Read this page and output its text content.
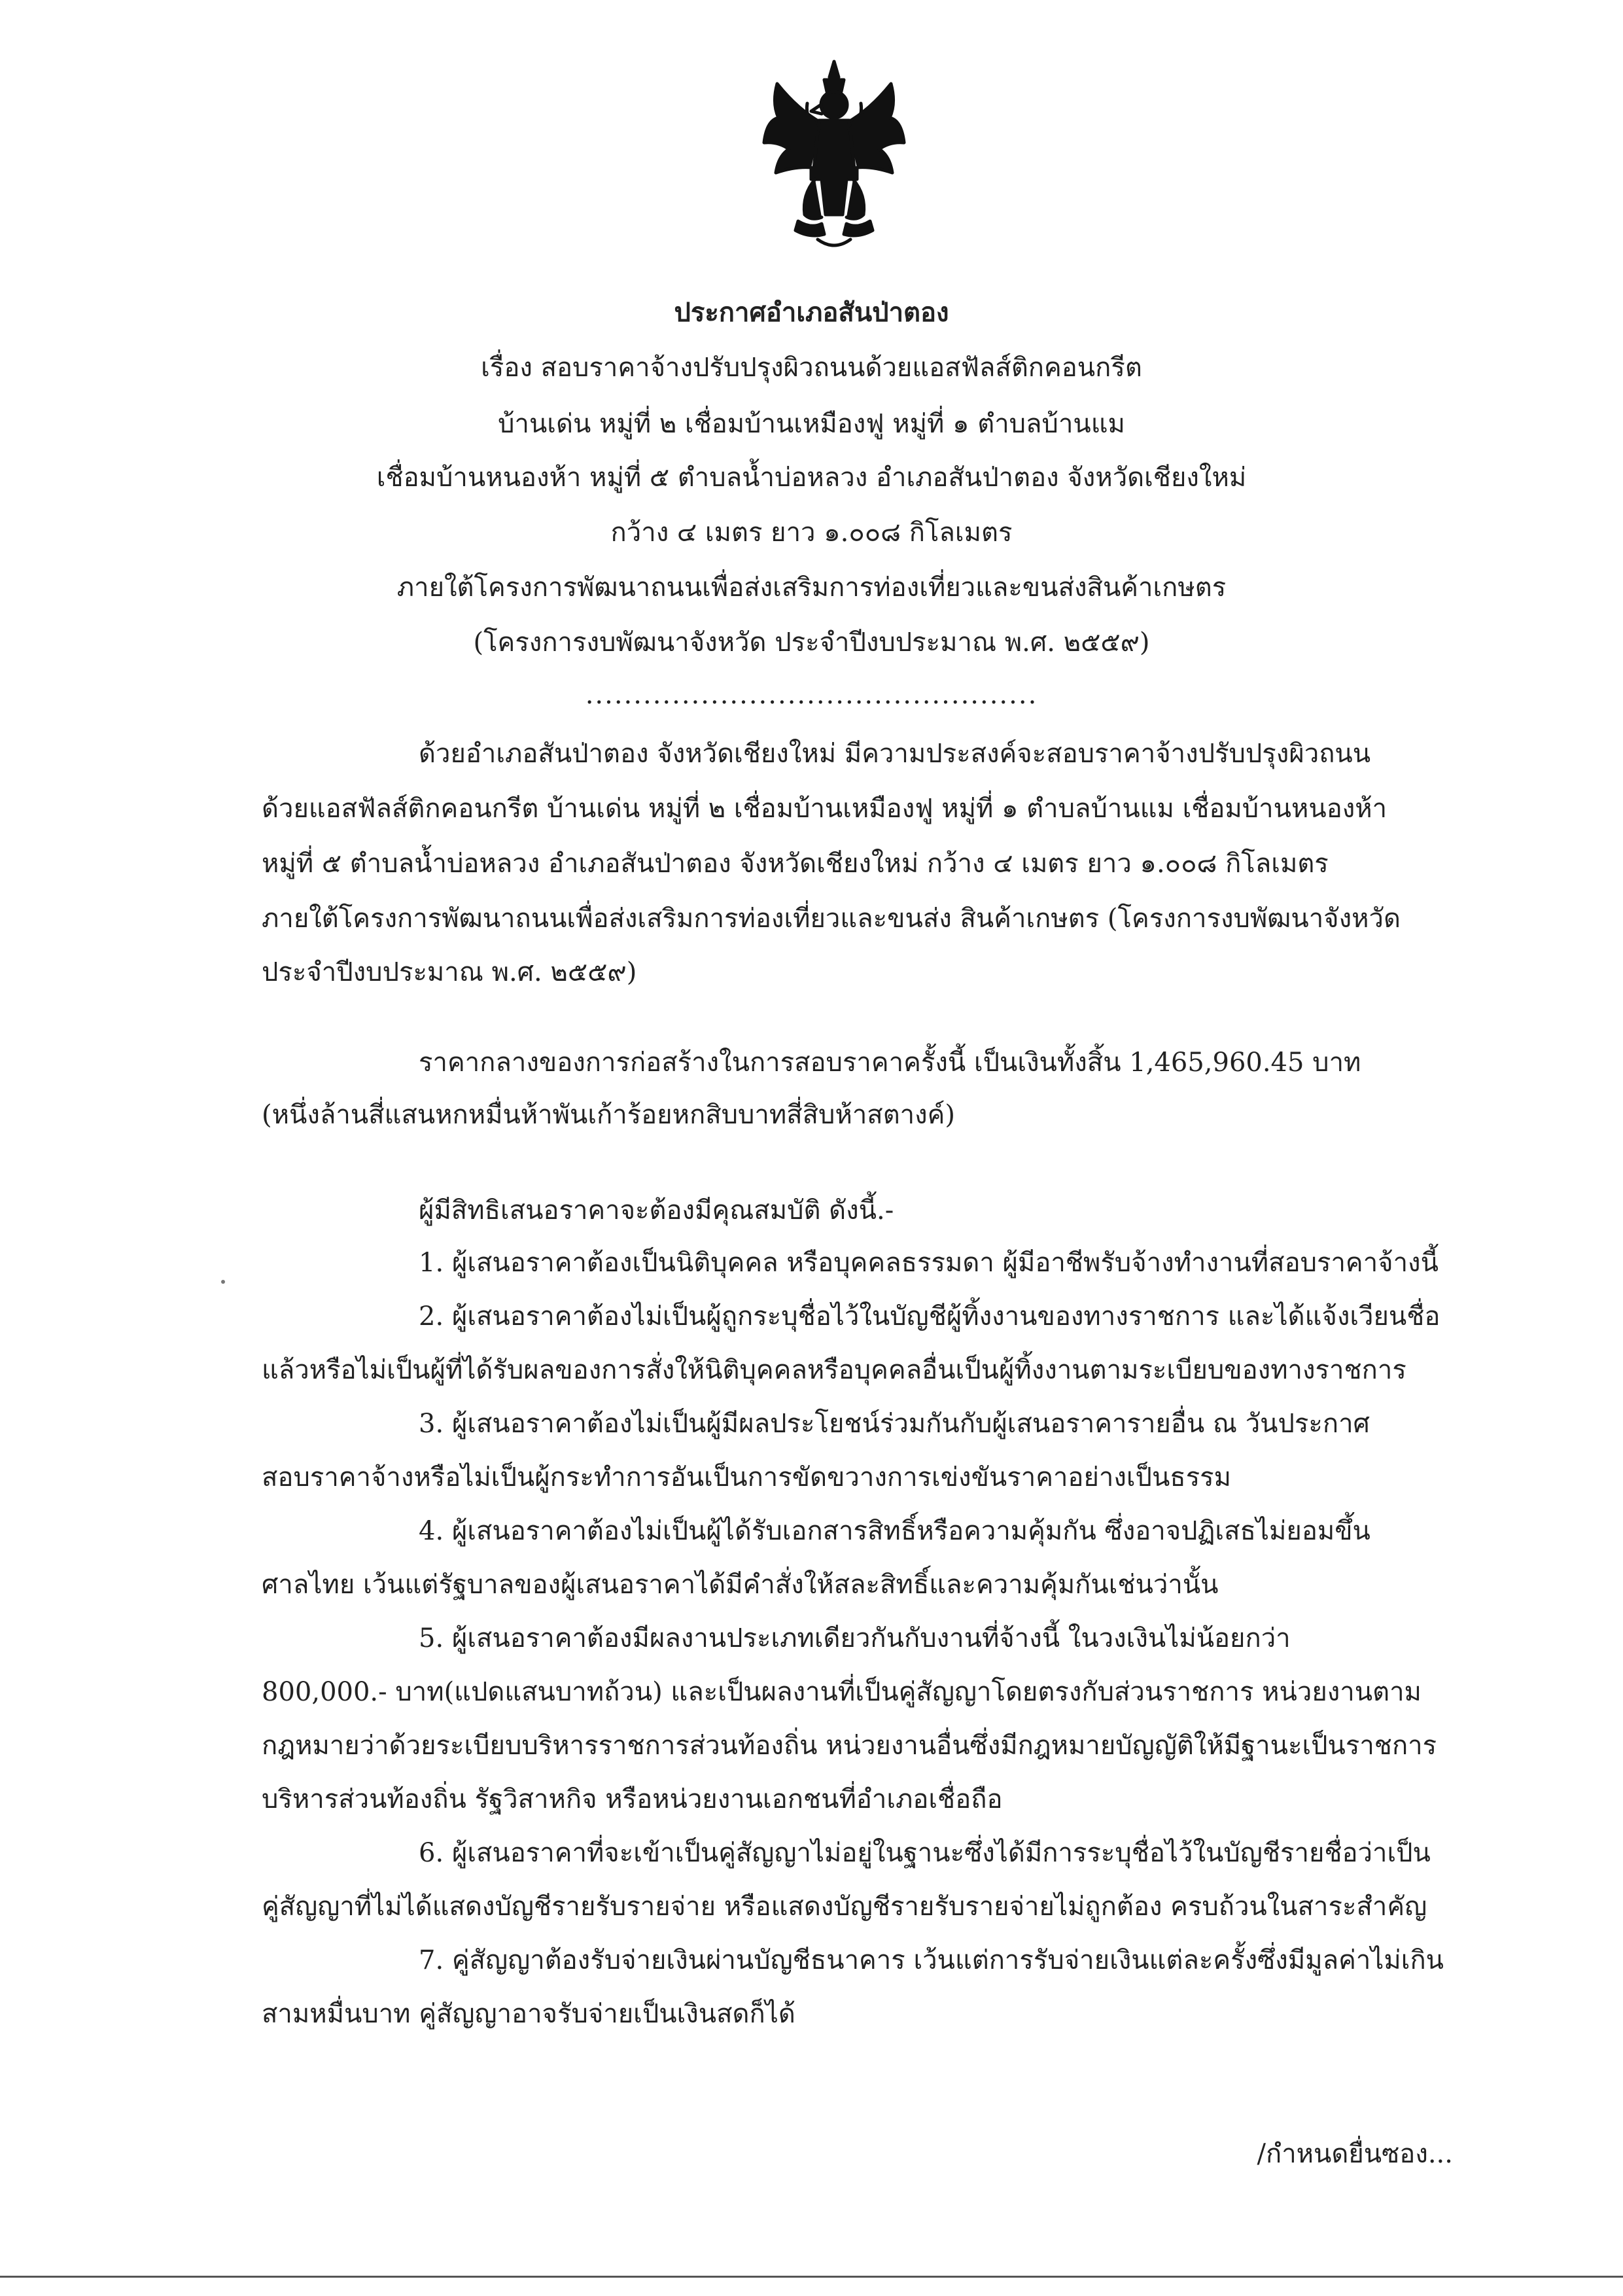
ประกาศอำเภอสันป่าตอง
เรื่อง สอบราคาจ้างปรับปรุงผิวถนนด้วยแอสฟัลส์ติกคอนกรีต
บ้านเด่น หมู่ที่ ๒ เชื่อมบ้านเหมืองฟู หมู่ที่ ๑ ตำบลบ้านแม
เชื่อมบ้านหนองห้า หมู่ที่ ๕ ตำบลน้ำบ่อหลวง อำเภอสันป่าตอง จังหวัดเชียงใหม่
กว้าง ๔ เมตร ยาว ๑.๐๐๘ กิโลเมตร
ภายใต้โครงการพัฒนาถนนเพื่อส่งเสริมการท่องเที่ยวและขนส่งสินค้าเกษตร
(โครงการงบพัฒนาจังหวัด ประจำปีงบประมาณ พ.ศ. ๒๕๕๙)
...............................................
ด้วยอำเภอสันป่าตอง จังหวัดเชียงใหม่ มีความประสงค์จะสอบราคาจ้างปรับปรุงผิวถนน
ด้วยแอสฟัลส์ติกคอนกรีต บ้านเด่น หมู่ที่ ๒ เชื่อมบ้านเหมืองฟู หมู่ที่ ๑ ตำบลบ้านแม เชื่อมบ้านหนองห้า
หมู่ที่ ๕ ตำบลน้ำบ่อหลวง อำเภอสันป่าตอง จังหวัดเชียงใหม่ กว้าง ๔ เมตร ยาว ๑.๐๐๘ กิโลเมตร
ภายใต้โครงการพัฒนาถนนเพื่อส่งเสริมการท่องเที่ยวและขนส่ง สินค้าเกษตร (โครงการงบพัฒนาจังหวัด
ประจำปีงบประมาณ พ.ศ. ๒๕๕๙)
ราคากลางของการก่อสร้างในการสอบราคาครั้งนี้ เป็นเงินทั้งสิ้น 1,465,960.45 บาท
(หนึ่งล้านสี่แสนหกหมื่นห้าพันเก้าร้อยหกสิบบาทสี่สิบห้าสตางค์)
ผู้มีสิทธิเสนอราคาจะต้องมีคุณสมบัติ ดังนี้.-
1. ผู้เสนอราคาต้องเป็นนิติบุคคล หรือบุคคลธรรมดา ผู้มีอาชีพรับจ้างทำงานที่สอบราคาจ้างนี้
2. ผู้เสนอราคาต้องไม่เป็นผู้ถูกระบุชื่อไว้ในบัญชีผู้ทิ้งงานของทางราชการ และได้แจ้งเวียนชื่อ
แล้วหรือไม่เป็นผู้ที่ได้รับผลของการสั่งให้นิติบุคคลหรือบุคคลอื่นเป็นผู้ทิ้งงานตามระเบียบของทางราชการ
3. ผู้เสนอราคาต้องไม่เป็นผู้มีผลประโยชน์ร่วมกันกับผู้เสนอราคารายอื่น ณ วันประกาศ
สอบราคาจ้างหรือไม่เป็นผู้กระทำการอันเป็นการขัดขวางการเข่งขันราคาอย่างเป็นธรรม
4. ผู้เสนอราคาต้องไม่เป็นผู้ได้รับเอกสารสิทธิ์หรือความคุ้มกัน ซึ่งอาจปฏิเสธไม่ยอมขึ้น
ศาลไทย เว้นแต่รัฐบาลของผู้เสนอราคาได้มีคำสั่งให้สละสิทธิ์และความคุ้มกันเช่นว่านั้น
5. ผู้เสนอราคาต้องมีผลงานประเภทเดียวกันกับงานที่จ้างนี้ ในวงเงินไม่น้อยกว่า
800,000.- บาท(แปดแสนบาทถ้วน) และเป็นผลงานที่เป็นคู่สัญญาโดยตรงกับส่วนราชการ หน่วยงานตาม
กฎหมายว่าด้วยระเบียบบริหารราชการส่วนท้องถิ่น หน่วยงานอื่นซึ่งมีกฎหมายบัญญัติให้มีฐานะเป็นราชการ
บริหารส่วนท้องถิ่น รัฐวิสาหกิจ หรือหน่วยงานเอกชนที่อำเภอเชื่อถือ
6. ผู้เสนอราคาที่จะเข้าเป็นคู่สัญญาไม่อยู่ในฐานะซึ่งได้มีการระบุชื่อไว้ในบัญชีรายชื่อว่าเป็น
คู่สัญญาที่ไม่ได้แสดงบัญชีรายรับรายจ่าย หรือแสดงบัญชีรายรับรายจ่ายไม่ถูกต้อง ครบถ้วนในสาระสำคัญ
7. คู่สัญญาต้องรับจ่ายเงินผ่านบัญชีธนาคาร เว้นแต่การรับจ่ายเงินแต่ละครั้งซึ่งมีมูลค่าไม่เกิน
สามหมื่นบาท คู่สัญญาอาจรับจ่ายเป็นเงินสดก็ได้
/กำหนดยื่นซอง...
